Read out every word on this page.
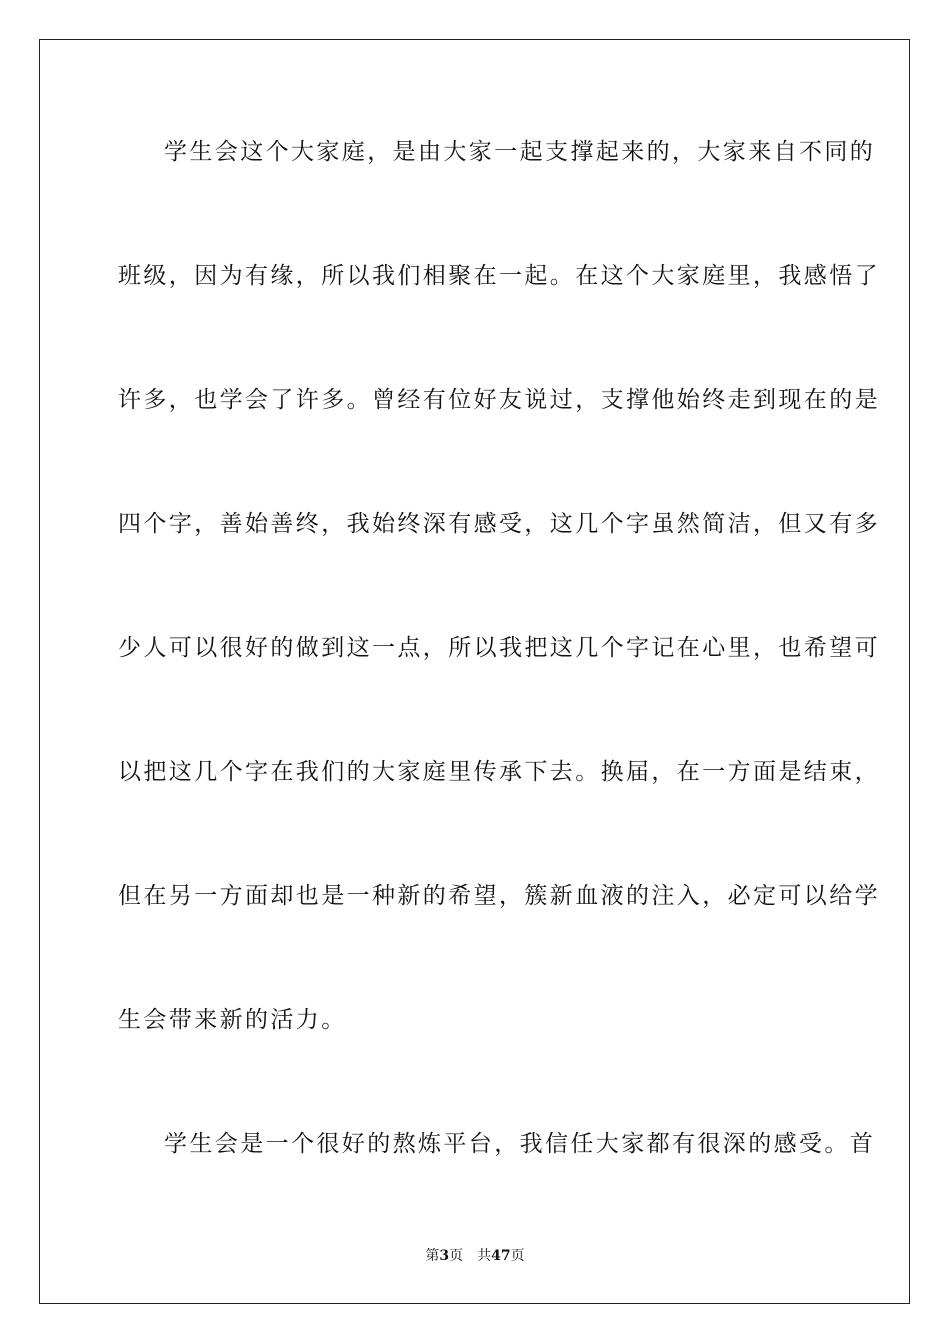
学生会这个大家庭，是由大家一起支撑起来的，大家来自不同的
班级，因为有缘，所以我们相聚在一起。在这个大家庭里，我感悟了
许多，也学会了许多。曾经有位好友说过，支撑他始终走到现在的是
四个字，善始善终，我始终深有感受，这几个字虽然简洁，但又有多
少人可以很好的做到这一点，所以我把这几个字记在心里，也希望可
以把这几个字在我们的大家庭里传承下去。换届，在一方面是结束，
但在另一方面却也是一种新的希望，簇新血液的注入，必定可以给学
生会带来新的活力。
学生会是一个很好的熬炼平台，我信任大家都有很深的感受。首
第3页 共47页
